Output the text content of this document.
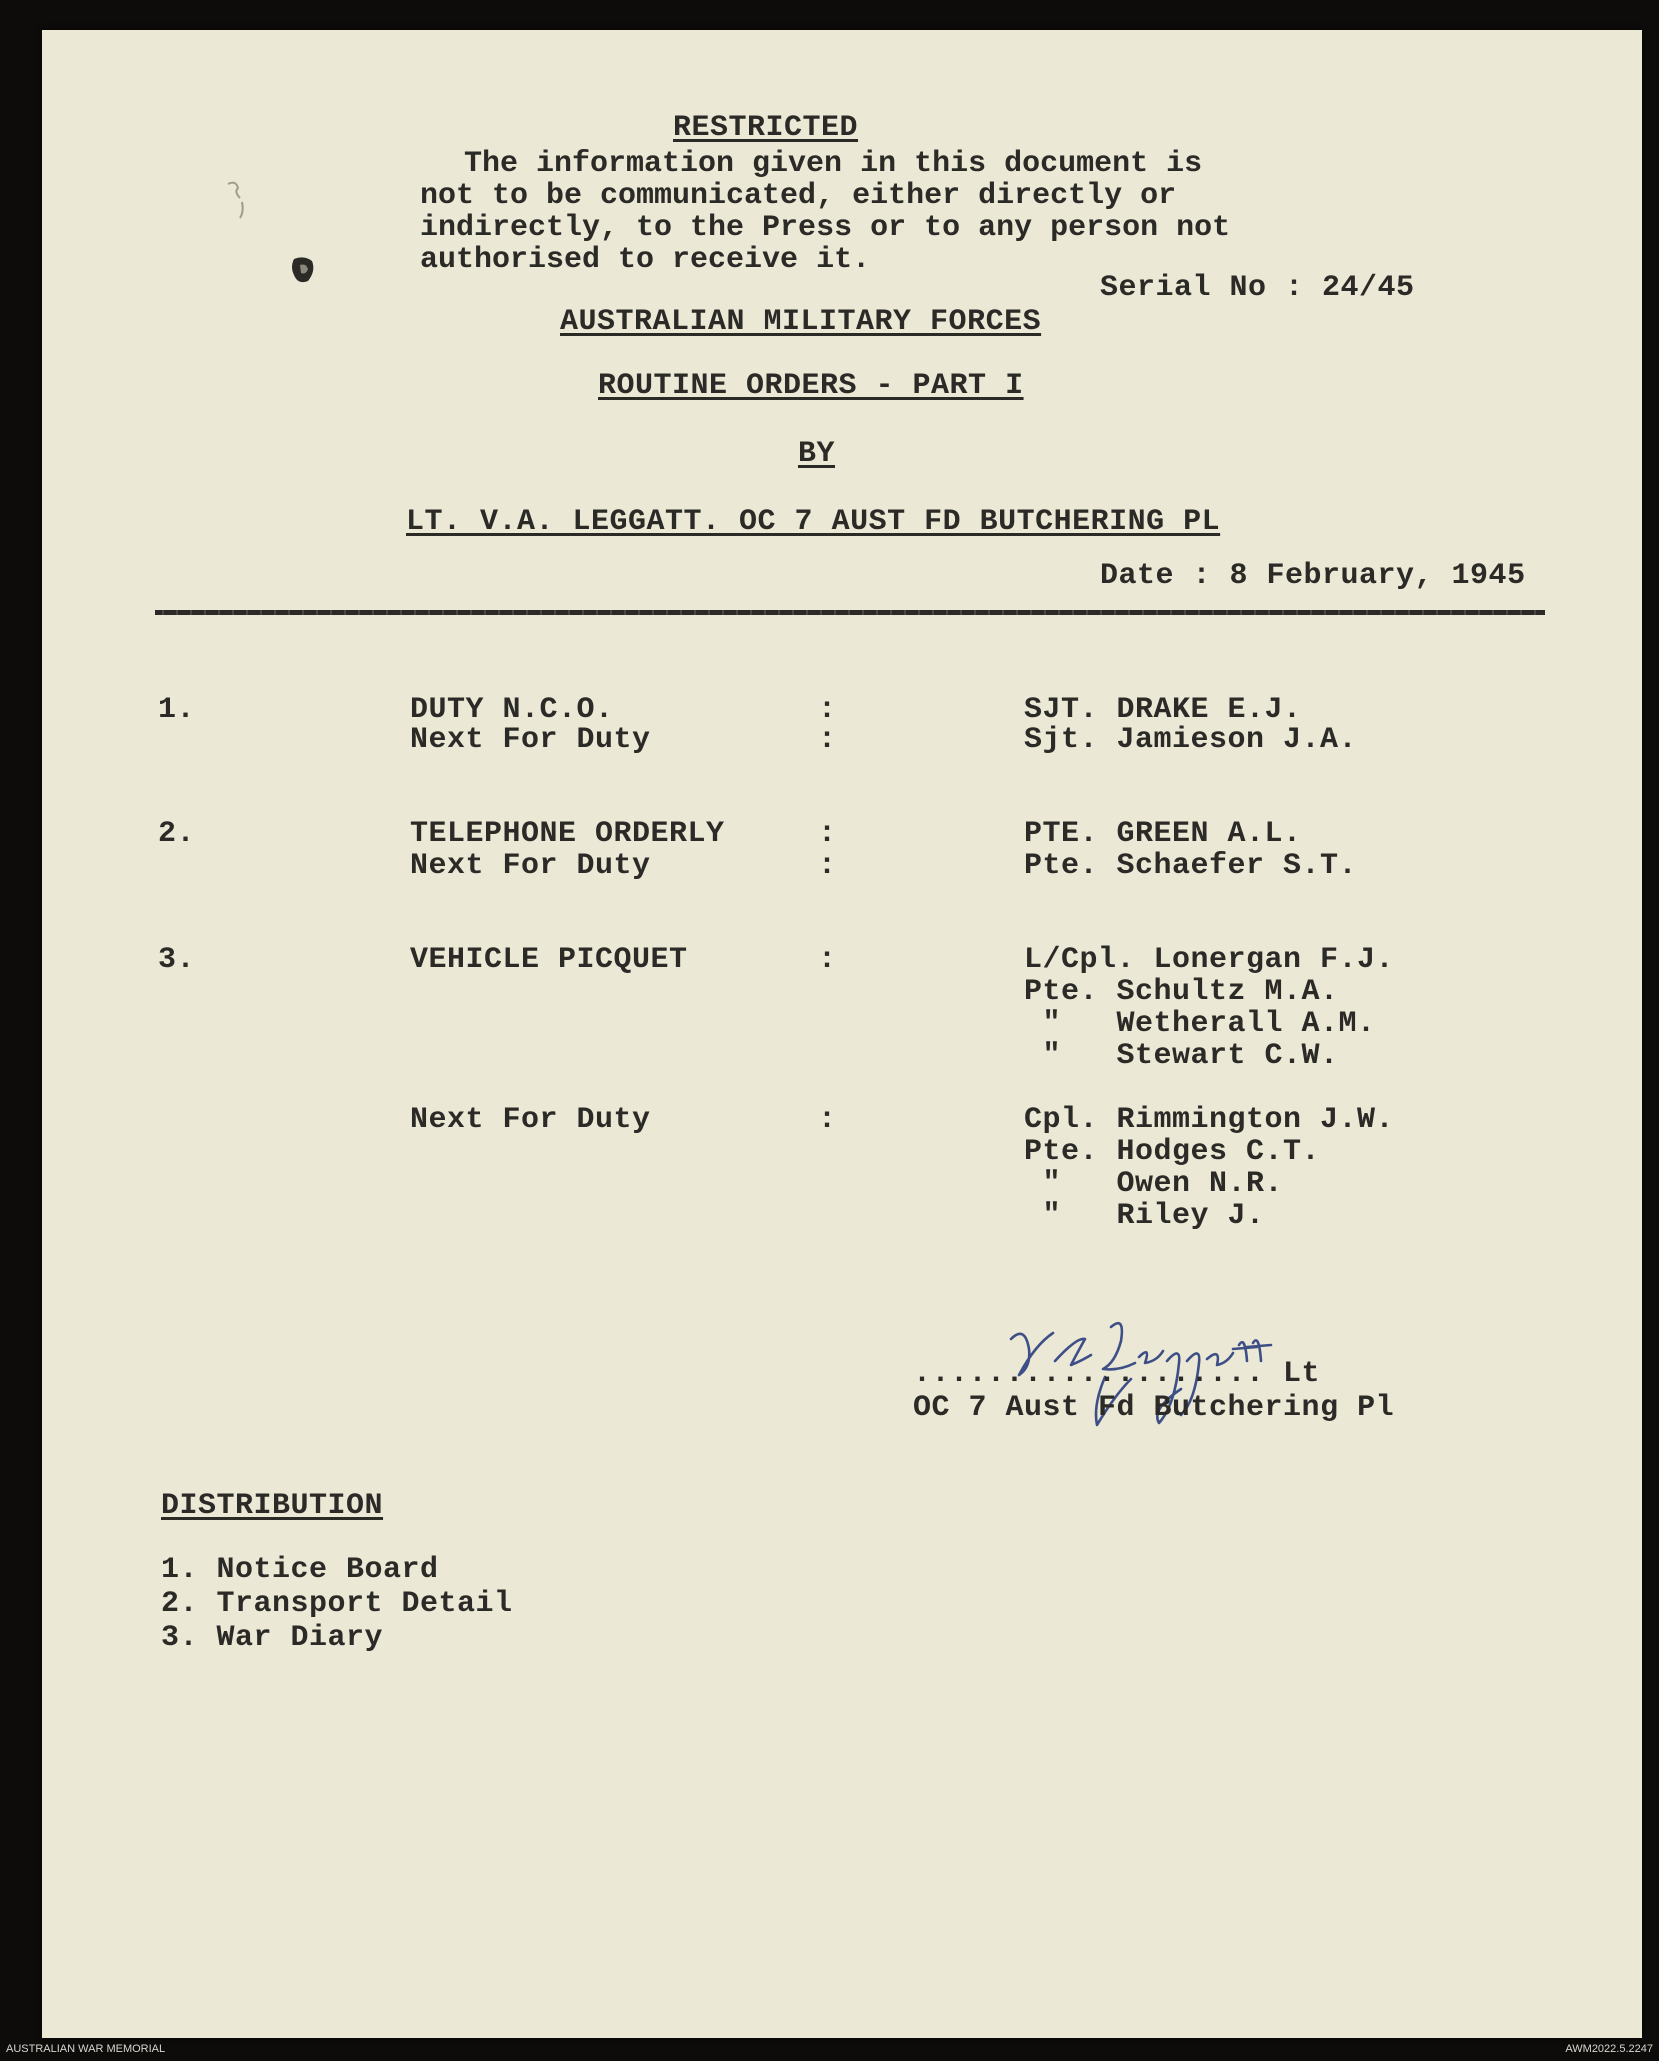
RESTRICTED
The information given in this document is
not to be communicated, either directly or
indirectly, to the Press or to any person not
authorised to receive it.
Serial No : 24/45
AUSTRALIAN MILITARY FORCES
ROUTINE ORDERS - PART I
BY
LT. V.A. LEGGATT. OC 7 AUST FD BUTCHERING PL
Date : 8 February, 1945
1.	DUTY N.C.O.	:	SJT. DRAKE E.J.
Next For Duty	:	Sjt. Jamieson J.A.
2.	TELEPHONE ORDERLY	:	PTE. GREEN A.L.
Next For Duty	:	Pte. Schaefer S.T.
3.	VEHICLE PICQUET	:	L/Cpl. Lonergan F.J.
Pte. Schultz M.A.
"   Wetherall A.M.
"   Stewart C.W.
Next For Duty	:	Cpl. Rimmington J.W.
Pte. Hodges C.T.
"   Owen N.R.
"   Riley J.
................... Lt
OC 7 Aust Fd Butchering Pl
DISTRIBUTION
1. Notice Board
2. Transport Detail
3. War Diary
AUSTRALIAN WAR MEMORIAL	AWM2022.5.2247
